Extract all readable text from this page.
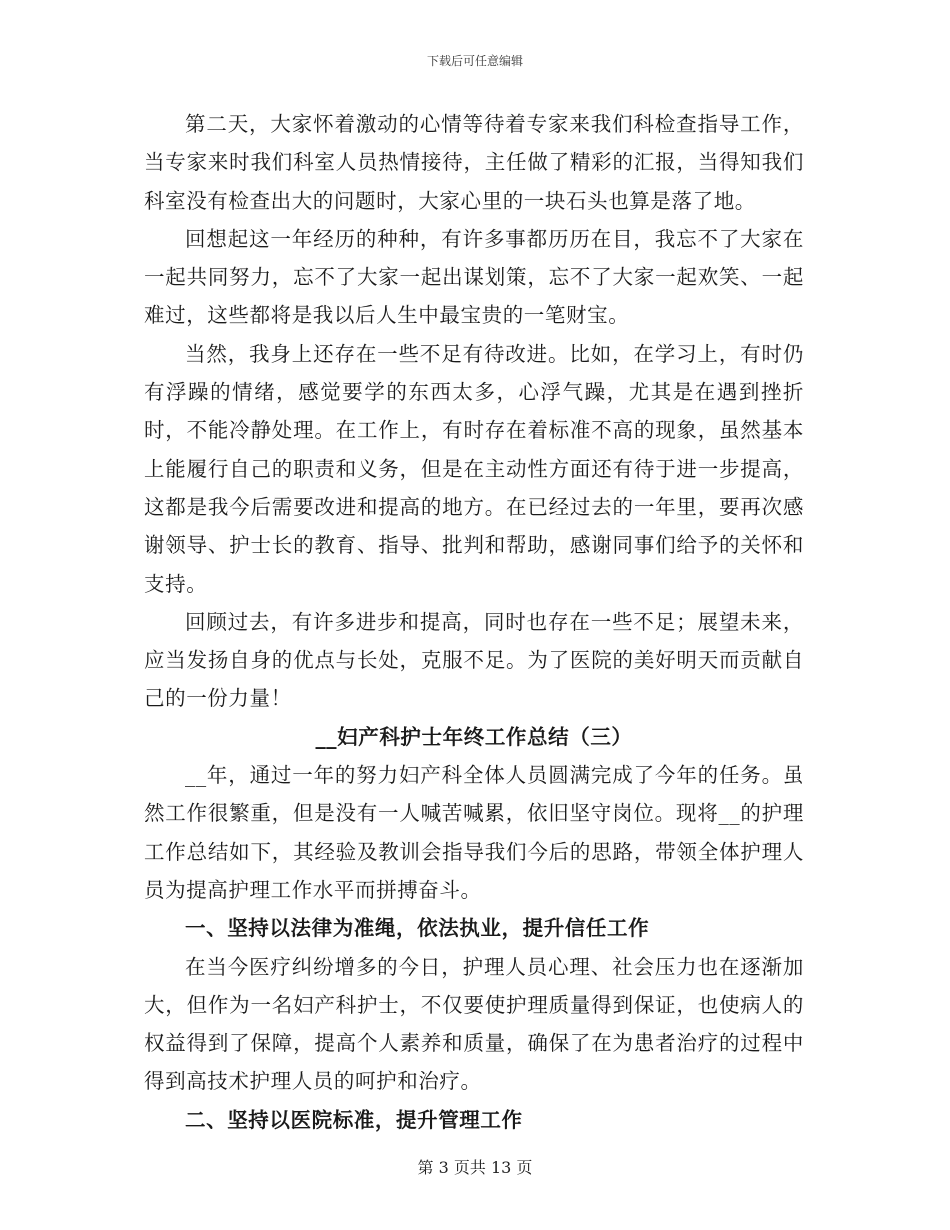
下载后可任意编辑

第二天，大家怀着激动的心情等待着专家来我们科检查指导工作，当专家来时我们科室人员热情接待，主任做了精彩的汇报，当得知我们科室没有检查出大的问题时，大家心里的一块石头也算是落了地。

回想起这一年经历的种种，有许多事都历历在目，我忘不了大家在一起共同努力，忘不了大家一起出谋划策，忘不了大家一起欢笑、一起难过，这些都将是我以后人生中最宝贵的一笔财宝。

当然，我身上还存在一些不足有待改进。比如，在学习上，有时仍有浮躁的情绪，感觉要学的东西太多，心浮气躁，尤其是在遇到挫折时，不能冷静处理。在工作上，有时存在着标准不高的现象，虽然基本上能履行自己的职责和义务，但是在主动性方面还有待于进一步提高，这都是我今后需要改进和提高的地方。在已经过去的一年里，要再次感谢领导、护士长的教育、指导、批判和帮助，感谢同事们给予的关怀和支持。

回顾过去，有许多进步和提高，同时也存在一些不足；展望未来，应当发扬自身的优点与长处，克服不足。为了医院的美好明天而贡献自己的一份力量！

__妇产科护士年终工作总结（三）

__年，通过一年的努力妇产科全体人员圆满完成了今年的任务。虽然工作很繁重，但是没有一人喊苦喊累，依旧坚守岗位。现将__的护理工作总结如下，其经验及教训会指导我们今后的思路，带领全体护理人员为提高护理工作水平而拼搏奋斗。

一、坚持以法律为准绳，依法执业，提升信任工作

在当今医疗纠纷增多的今日，护理人员心理、社会压力也在逐渐加大，但作为一名妇产科护士，不仅要使护理质量得到保证，也使病人的权益得到了保障，提高个人素养和质量，确保了在为患者治疗的过程中得到高技术护理人员的呵护和治疗。

二、坚持以医院标准，提升管理工作

第 3 页共 13 页
